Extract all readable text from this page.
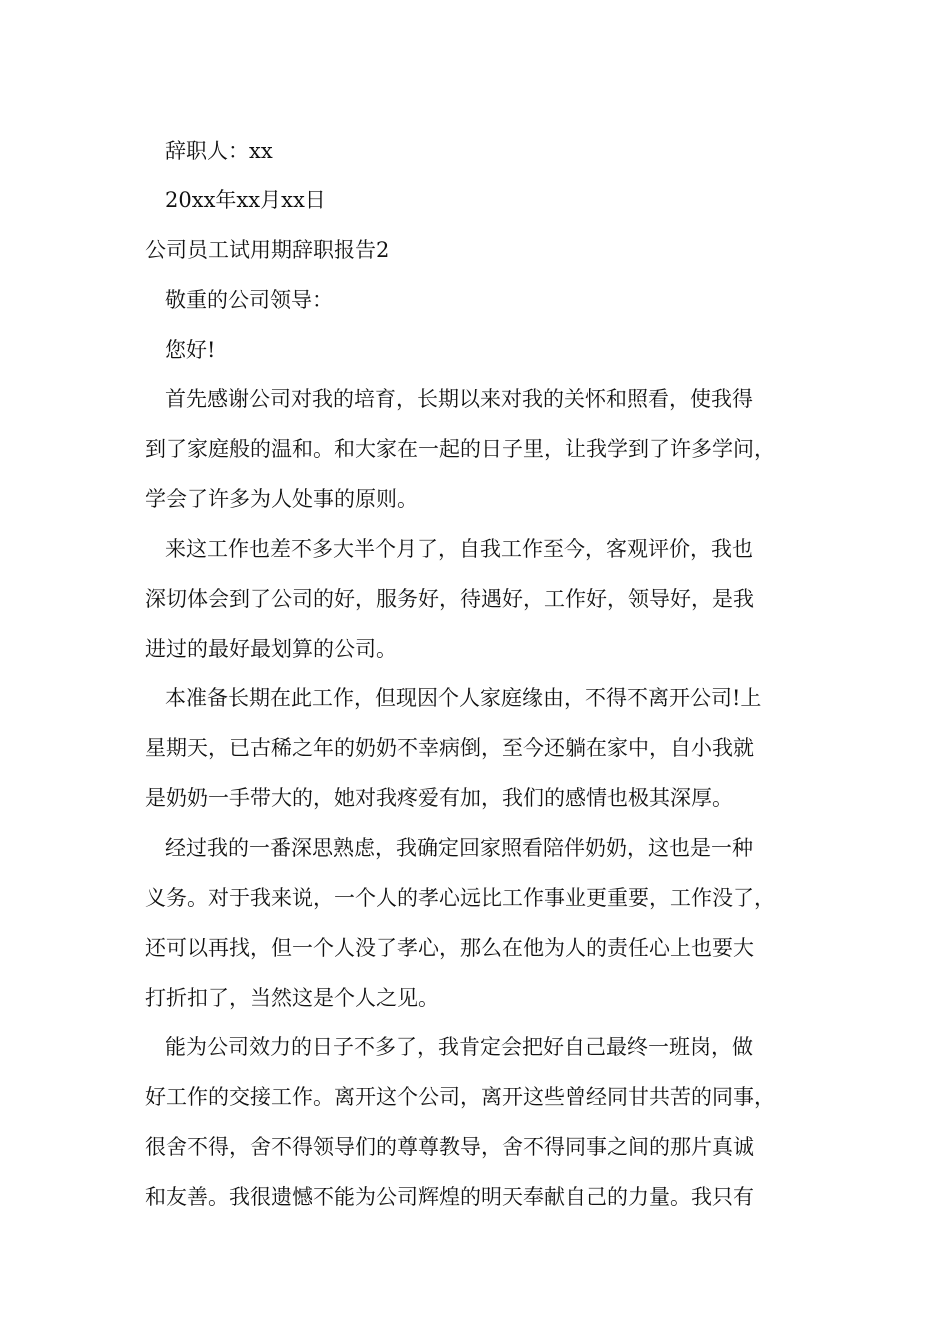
辞职人：xx
20xx年xx月xx日
公司员工试用期辞职报告2
敬重的公司领导：
您好!
首先感谢公司对我的培育，长期以来对我的关怀和照看，使我得
到了家庭般的温和。和大家在一起的日子里，让我学到了许多学问，
学会了许多为人处事的原则。
来这工作也差不多大半个月了，自我工作至今，客观评价，我也
深切体会到了公司的好，服务好，待遇好，工作好，领导好，是我
进过的最好最划算的公司。
本准备长期在此工作，但现因个人家庭缘由，不得不离开公司!上
星期天，已古稀之年的奶奶不幸病倒，至今还躺在家中，自小我就
是奶奶一手带大的，她对我疼爱有加，我们的感情也极其深厚。
经过我的一番深思熟虑，我确定回家照看陪伴奶奶，这也是一种
义务。对于我来说，一个人的孝心远比工作事业更重要，工作没了，
还可以再找，但一个人没了孝心，那么在他为人的责任心上也要大
打折扣了，当然这是个人之见。
能为公司效力的日子不多了，我肯定会把好自己最终一班岗，做
好工作的交接工作。离开这个公司，离开这些曾经同甘共苦的同事，
很舍不得，舍不得领导们的尊尊教导，舍不得同事之间的那片真诚
和友善。我很遗憾不能为公司辉煌的明天奉献自己的力量。我只有
